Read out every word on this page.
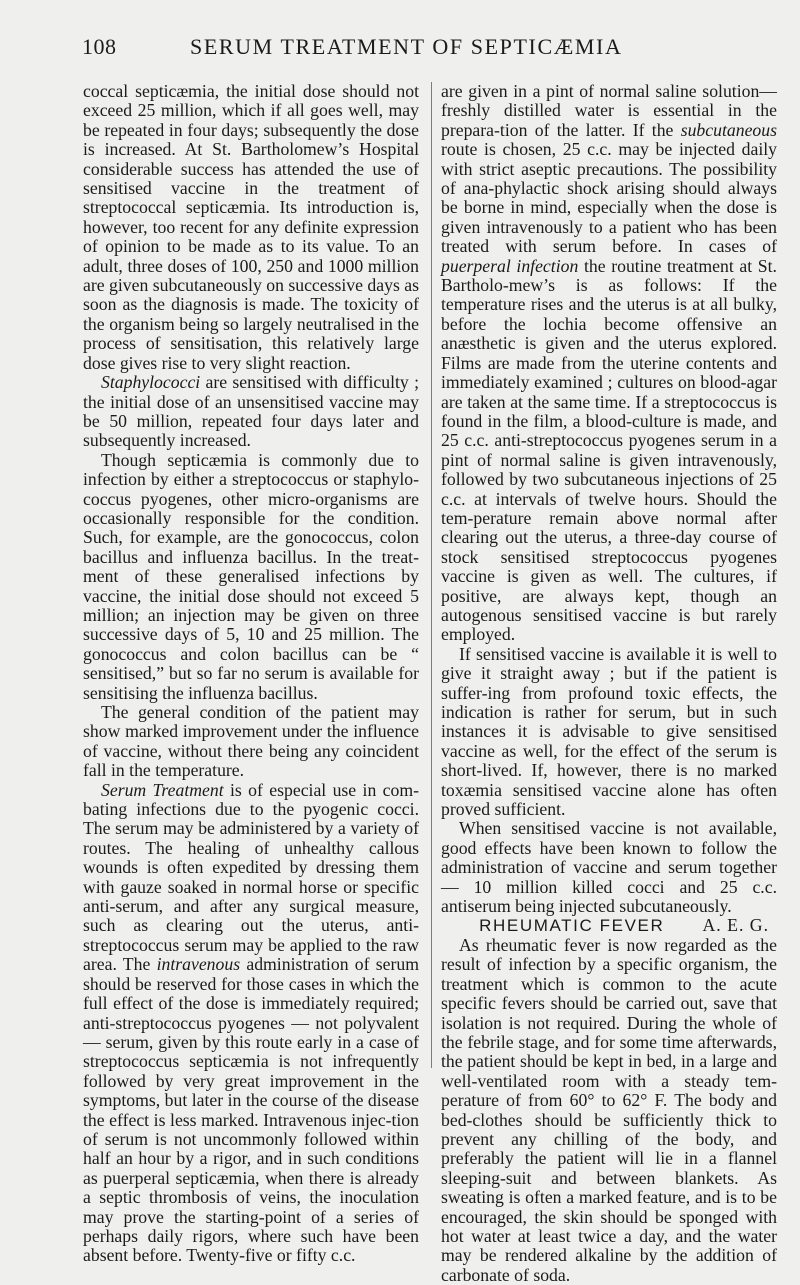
108	SERUM TREATMENT OF SEPTICÆMIA

coccal septicæmia, the initial dose should not exceed 25 million, which if all goes well, may be repeated in four days; subsequently the dose is increased. At St. Bartholomew’s Hospital considerable success has attended the use of sensitised vaccine in the treatment of streptococcal septicæmia. Its introduction is, however, too recent for any definite expression of opinion to be made as to its value. To an adult, three doses of 100, 250 and 1000 million are given subcutaneously on successive days as soon as the diagnosis is made. The toxicity of the organism being so largely neutralised in the process of sensitisation, this relatively large dose gives rise to very slight reaction.

Staphylococci are sensitised with difficulty ; the initial dose of an unsensitised vaccine may be 50 million, repeated four days later and subsequently increased.

Though septicæmia is commonly due to infection by either a streptococcus or staphylo-coccus pyogenes, other micro-organisms are occasionally responsible for the condition. Such, for example, are the gonococcus, colon bacillus and influenza bacillus. In the treat-ment of these generalised infections by vaccine, the initial dose should not exceed 5 million; an injection may be given on three successive days of 5, 10 and 25 million. The gonococcus and colon bacillus can be “ sensitised,” but so far no serum is available for sensitising the influenza bacillus.

The general condition of the patient may show marked improvement under the influence of vaccine, without there being any coincident fall in the temperature.

Serum Treatment is of especial use in com-bating infections due to the pyogenic cocci. The serum may be administered by a variety of routes. The healing of unhealthy callous wounds is often expedited by dressing them with gauze soaked in normal horse or specific anti-serum, and after any surgical measure, such as clearing out the uterus, anti-streptococcus serum may be applied to the raw area. The intravenous administration of serum should be reserved for those cases in which the full effect of the dose is immediately required; anti-streptococcus pyogenes — not polyvalent — serum, given by this route early in a case of streptococcus septicæmia is not infrequently followed by very great improvement in the symptoms, but later in the course of the disease the effect is less marked. Intravenous injec-tion of serum is not uncommonly followed within half an hour by a rigor, and in such conditions as puerperal septicæmia, when there is already a septic thrombosis of veins, the inoculation may prove the starting-point of a series of perhaps daily rigors, where such have been absent before. Twenty-five or fifty c.c.

are given in a pint of normal saline solution— freshly distilled water is essential in the prepara-tion of the latter. If the subcutaneous route is chosen, 25 c.c. may be injected daily with strict aseptic precautions. The possibility of ana-phylactic shock arising should always be borne in mind, especially when the dose is given intravenously to a patient who has been treated with serum before. In cases of puerperal infection the routine treatment at St. Bartholo-mew’s is as follows: If the temperature rises and the uterus is at all bulky, before the lochia become offensive an anæsthetic is given and the uterus explored. Films are made from the uterine contents and immediately examined ; cultures on blood-agar are taken at the same time. If a streptococcus is found in the film, a blood-culture is made, and 25 c.c. anti-streptococcus pyogenes serum in a pint of normal saline is given intravenously, followed by two subcutaneous injections of 25 c.c. at intervals of twelve hours. Should the tem-perature remain above normal after clearing out the uterus, a three-day course of stock sensitised streptococcus pyogenes vaccine is given as well. The cultures, if positive, are always kept, though an autogenous sensitised vaccine is but rarely employed.

If sensitised vaccine is available it is well to give it straight away ; but if the patient is suffer-ing from profound toxic effects, the indication is rather for serum, but in such instances it is advisable to give sensitised vaccine as well, for the effect of the serum is short-lived. If, however, there is no marked toxæmia sensitised vaccine alone has often proved sufficient.

When sensitised vaccine is not available, good effects have been known to follow the administration of vaccine and serum together— 10 million killed cocci and 25 c.c. antiserum being injected subcutaneously.
A. E. G.

RHEUMATIC FEVER

As rheumatic fever is now regarded as the result of infection by a specific organism, the treatment which is common to the acute specific fevers should be carried out, save that isolation is not required. During the whole of the febrile stage, and for some time afterwards, the patient should be kept in bed, in a large and well-ventilated room with a steady tem-perature of from 60° to 62° F. The body and bed-clothes should be sufficiently thick to prevent any chilling of the body, and preferably the patient will lie in a flannel sleeping-suit and between blankets. As sweating is often a marked feature, and is to be encouraged, the skin should be sponged with hot water at least twice a day, and the water may be rendered alkaline by the addition of carbonate of soda.
